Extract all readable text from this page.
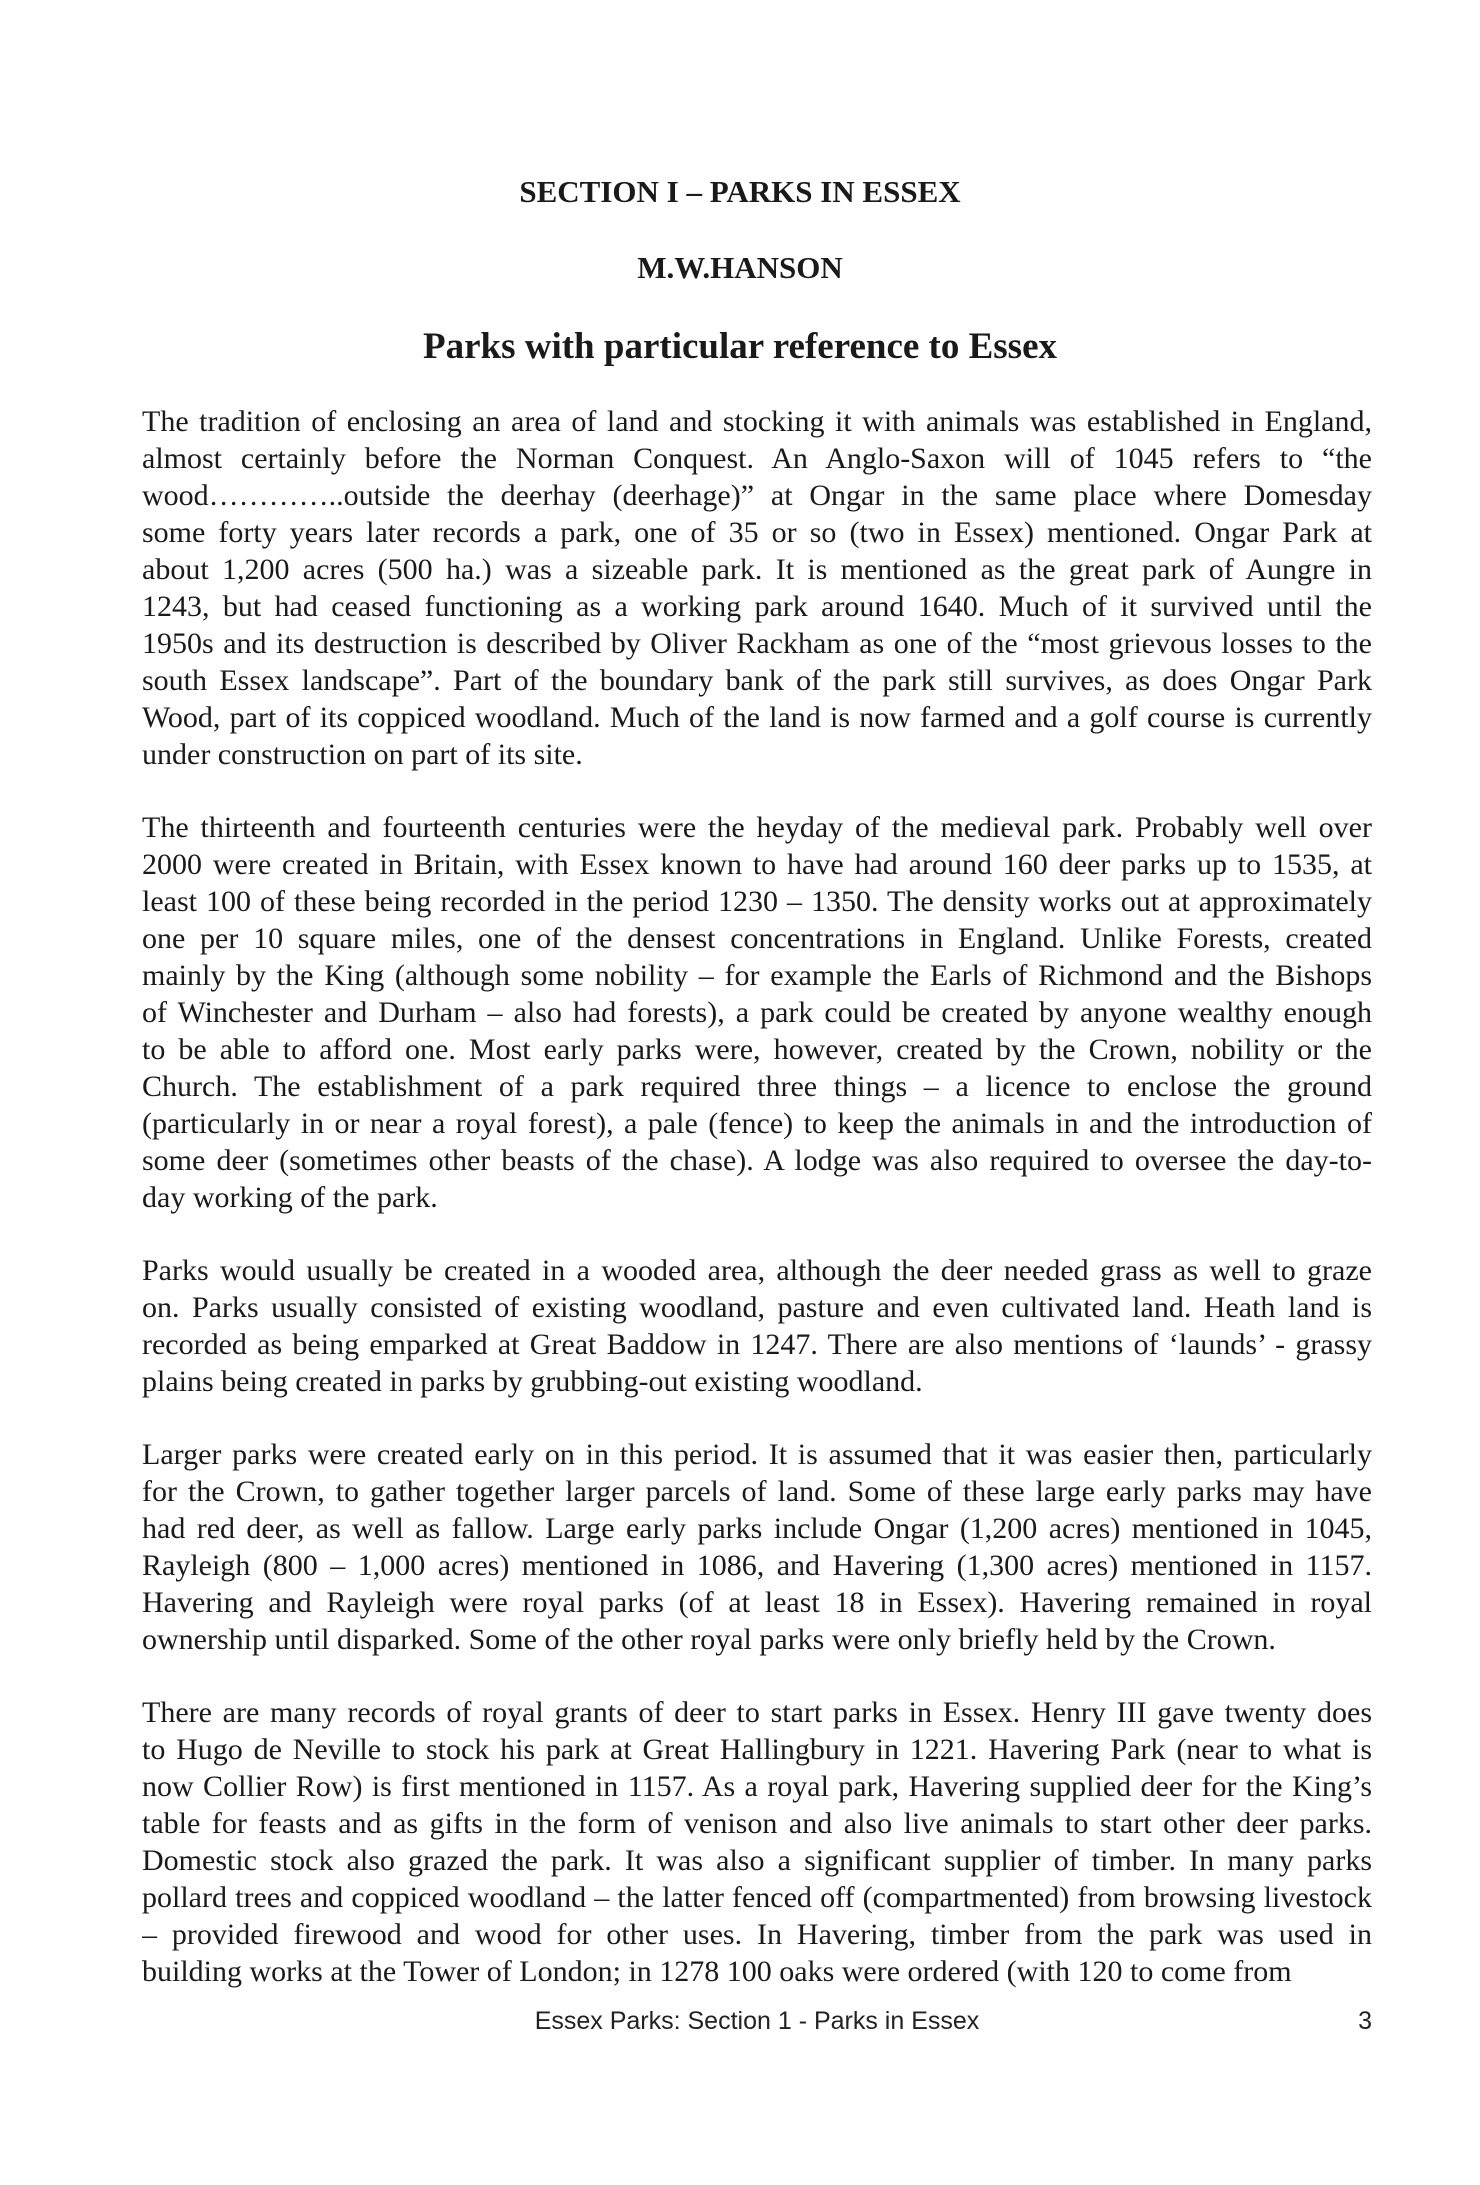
SECTION I – PARKS IN ESSEX
M.W.HANSON
Parks with particular reference to Essex
The tradition of enclosing an area of land and stocking it with animals was established in England,
almost certainly before the Norman Conquest. An Anglo-Saxon will of 1045 refers to “the
wood…………..outside the deerhay (deerhage)” at Ongar in the same place where Domesday
some forty years later records a park, one of 35 or so (two in Essex) mentioned. Ongar Park at
about 1,200 acres (500 ha.) was a sizeable park. It is mentioned as the great park of Aungre in
1243, but had ceased functioning as a working park around 1640. Much of it survived until the
1950s and its destruction is described by Oliver Rackham as one of the “most grievous losses to the
south Essex landscape”. Part of the boundary bank of the park still survives, as does Ongar Park
Wood, part of its coppiced woodland. Much of the land is now farmed and a golf course is currently
under construction on part of its site.
The thirteenth and fourteenth centuries were the heyday of the medieval park. Probably well over
2000 were created in Britain, with Essex known to have had around 160 deer parks up to 1535, at
least 100 of these being recorded in the period 1230 – 1350. The density works out at approximately
one per 10 square miles, one of the densest concentrations in England. Unlike Forests, created
mainly by the King (although some nobility – for example the Earls of Richmond and the Bishops
of Winchester and Durham – also had forests), a park could be created by anyone wealthy enough
to be able to afford one. Most early parks were, however, created by the Crown, nobility or the
Church. The establishment of a park required three things – a licence to enclose the ground
(particularly in or near a royal forest), a pale (fence) to keep the animals in and the introduction of
some deer (sometimes other beasts of the chase). A lodge was also required to oversee the day-to-
day working of the park.
Parks would usually be created in a wooded area, although the deer needed grass as well to graze
on. Parks usually consisted of existing woodland, pasture and even cultivated land. Heath land is
recorded as being emparked at Great Baddow in 1247. There are also mentions of ‘launds’ - grassy
plains being created in parks by grubbing-out existing woodland.
Larger parks were created early on in this period. It is assumed that it was easier then, particularly
for the Crown, to gather together larger parcels of land. Some of these large early parks may have
had red deer, as well as fallow. Large early parks include Ongar (1,200 acres) mentioned in 1045,
Rayleigh (800 – 1,000 acres) mentioned in 1086, and Havering (1,300 acres) mentioned in 1157.
Havering and Rayleigh were royal parks (of at least 18 in Essex). Havering remained in royal
ownership until disparked. Some of the other royal parks were only briefly held by the Crown.
There are many records of royal grants of deer to start parks in Essex. Henry III gave twenty does
to Hugo de Neville to stock his park at Great Hallingbury in 1221. Havering Park (near to what is
now Collier Row) is first mentioned in 1157. As a royal park, Havering supplied deer for the King’s
table for feasts and as gifts in the form of venison and also live animals to start other deer parks.
Domestic stock also grazed the park. It was also a significant supplier of timber. In many parks
pollard trees and coppiced woodland – the latter fenced off (compartmented) from browsing livestock
– provided firewood and wood for other uses. In Havering, timber from the park was used in
building works at the Tower of London; in 1278 100 oaks were ordered (with 120 to come from
Essex Parks: Section 1 - Parks in Essex	3
